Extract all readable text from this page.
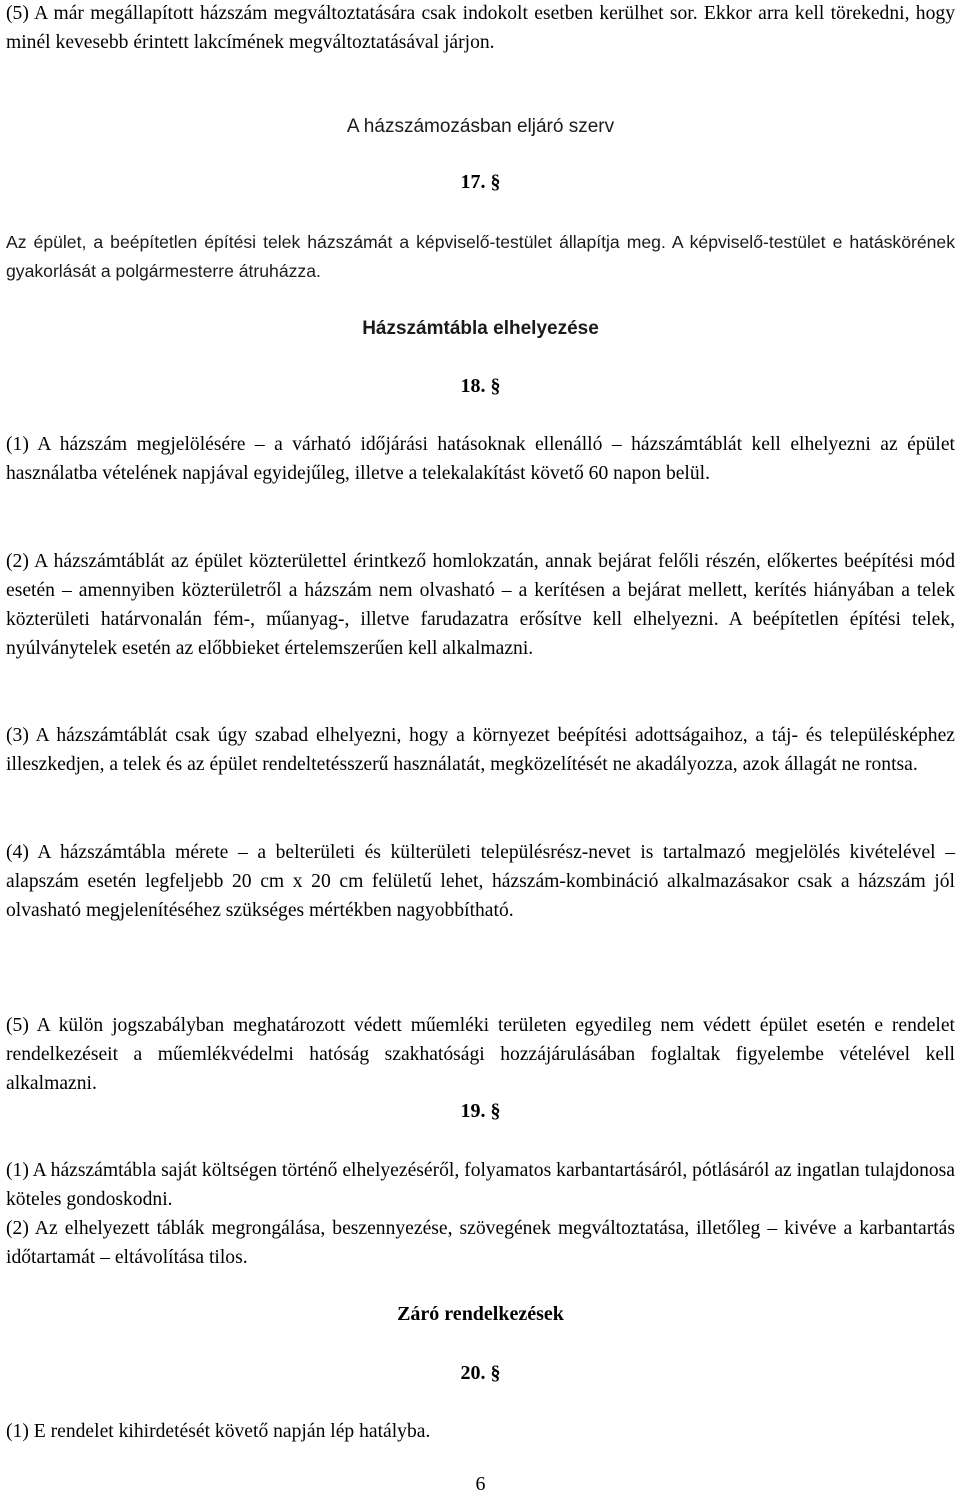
(5) A már megállapított házszám megváltoztatására csak indokolt esetben kerülhet sor. Ekkor arra kell törekedni, hogy minél kevesebb érintett lakcímének megváltoztatásával járjon.

A házszámozásban eljáró szerv

17. §

Az épület, a beépítetlen építési telek házszámát a képviselő-testület állapítja meg. A képviselő-testület e hatáskörének gyakorlását a polgármesterre átruházza.

Házszámtábla elhelyezése

18. §

(1) A házszám megjelölésére – a várható időjárási hatásoknak ellenálló – házszámtáblát kell elhelyezni az épület használatba vételének napjával egyidejűleg, illetve a telekalakítást követő 60 napon belül.

(2) A házszámtáblát az épület közterülettel érintkező homlokzatán, annak bejárat felőli részén, előkertes beépítési mód esetén – amennyiben közterületről a házszám nem olvasható – a kerítésen a bejárat mellett, kerítés hiányában a telek közterületi határvonalán fém-, műanyag-, illetve farudazatra erősítve kell elhelyezni. A beépítetlen építési telek, nyúlványtelek esetén az előbbieket értelemszerűen kell alkalmazni.

(3) A házszámtáblát csak úgy szabad elhelyezni, hogy a környezet beépítési adottságaihoz, a táj- és településképhez illeszkedjen, a telek és az épület rendeltetésszerű használatát, megközelítését ne akadályozza, azok állagát ne rontsa.

(4) A házszámtábla mérete – a belterületi és külterületi településrész-nevet is tartalmazó megjelölés kivételével – alapszám esetén legfeljebb 20 cm x 20 cm felületű lehet, házszám-kombináció alkalmazásakor csak a házszám jól olvasható megjelenítéséhez szükséges mértékben nagyobbítható.

(5) A külön jogszabályban meghatározott védett műemléki területen egyedileg nem védett épület esetén e rendelet rendelkezéseit a műemlékvédelmi hatóság szakhatósági hozzájárulásában foglaltak figyelembe vételével kell alkalmazni.

19. §

(1) A házszámtábla saját költségen történő elhelyezéséről, folyamatos karbantartásáról, pótlásáról az ingatlan tulajdonosa köteles gondoskodni.

(2) Az elhelyezett táblák megrongálása, beszennyezése, szövegének megváltoztatása, illetőleg – kivéve a karbantartás időtartamát – eltávolítása tilos.

Záró rendelkezések

20. §

(1) E rendelet kihirdetését követő napján lép hatályba.

6
